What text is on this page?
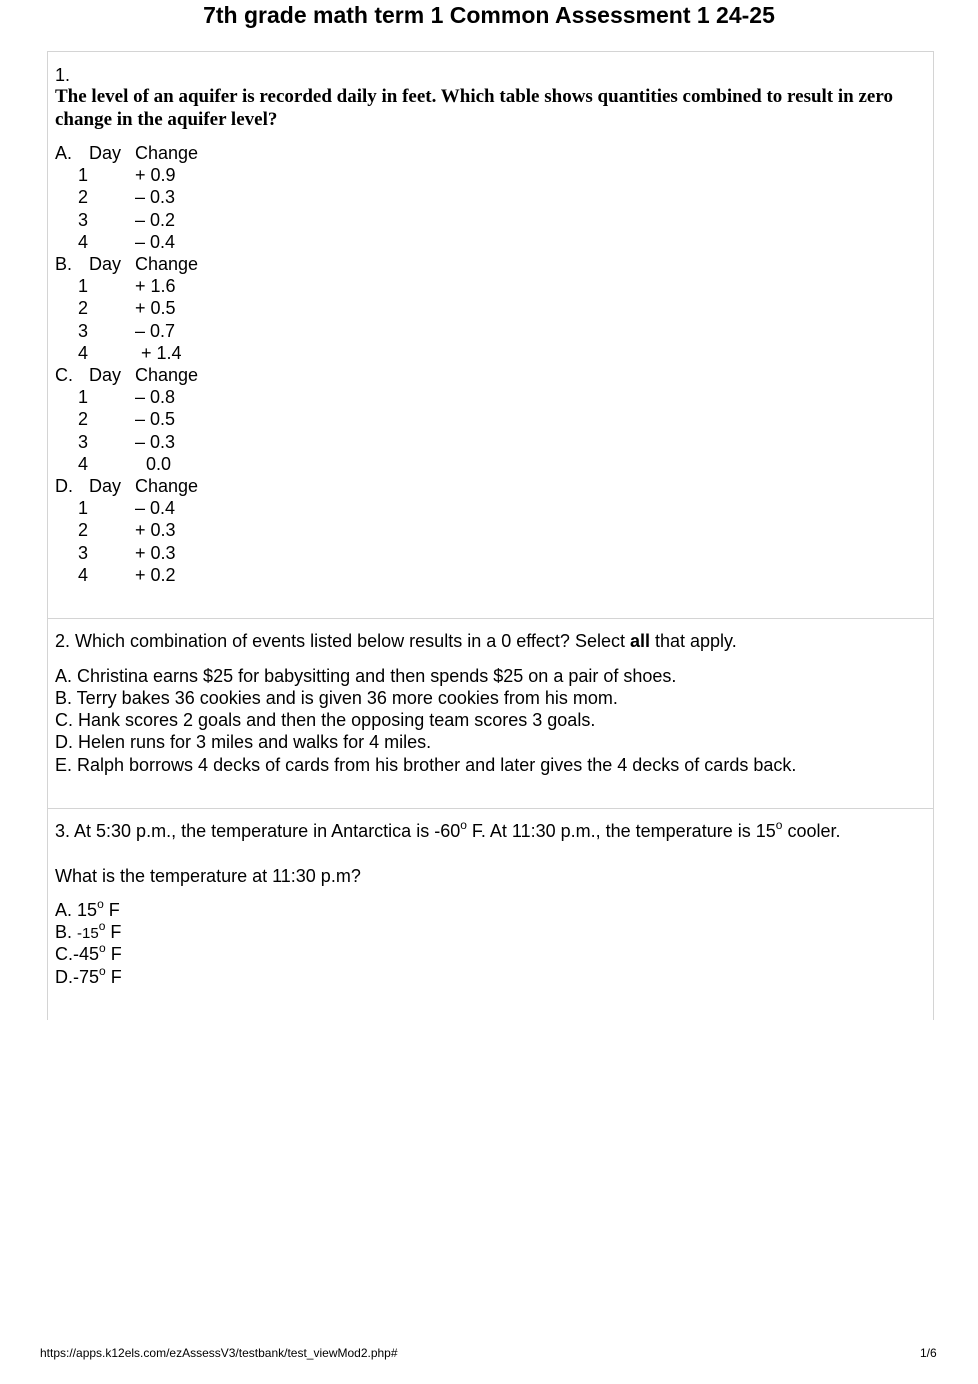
7th grade math term 1 Common Assessment 1 24-25
1.
The level of an aquifer is recorded daily in feet. Which table shows quantities combined to result in zero
change in the aquifer level?
A. Day Change
1	+ 0.9
2	– 0.3
3	– 0.2
4	– 0.4
B. Day Change
1	+ 1.6
2	+ 0.5
3	– 0.7
4	+ 1.4
C. Day Change
1	– 0.8
2	– 0.5
3	– 0.3
4	0.0
D. Day Change
1	– 0.4
2	+ 0.3
3	+ 0.3
4	+ 0.2
2. Which combination of events listed below results in a 0 effect? Select all that apply.
A. Christina earns $25 for babysitting and then spends $25 on a pair of shoes.
B. Terry bakes 36 cookies and is given 36 more cookies from his mom.
C. Hank scores 2 goals and then the opposing team scores 3 goals.
D. Helen runs for 3 miles and walks for 4 miles.
E. Ralph borrows 4 decks of cards from his brother and later gives the 4 decks of cards back.
3. At 5:30 p.m., the temperature in Antarctica is -60$^o$ F. At 11:30 p.m., the temperature is 15$^o$ cooler.
What is the temperature at 11:30 p.m?
A. 15$^o$ F
B. -15$^o$ F
C.-45$^o$ F
D.-75$^o$ F
https://apps.k12els.com/ezAssessV3/testbank/test_viewMod2.php#	1/6
